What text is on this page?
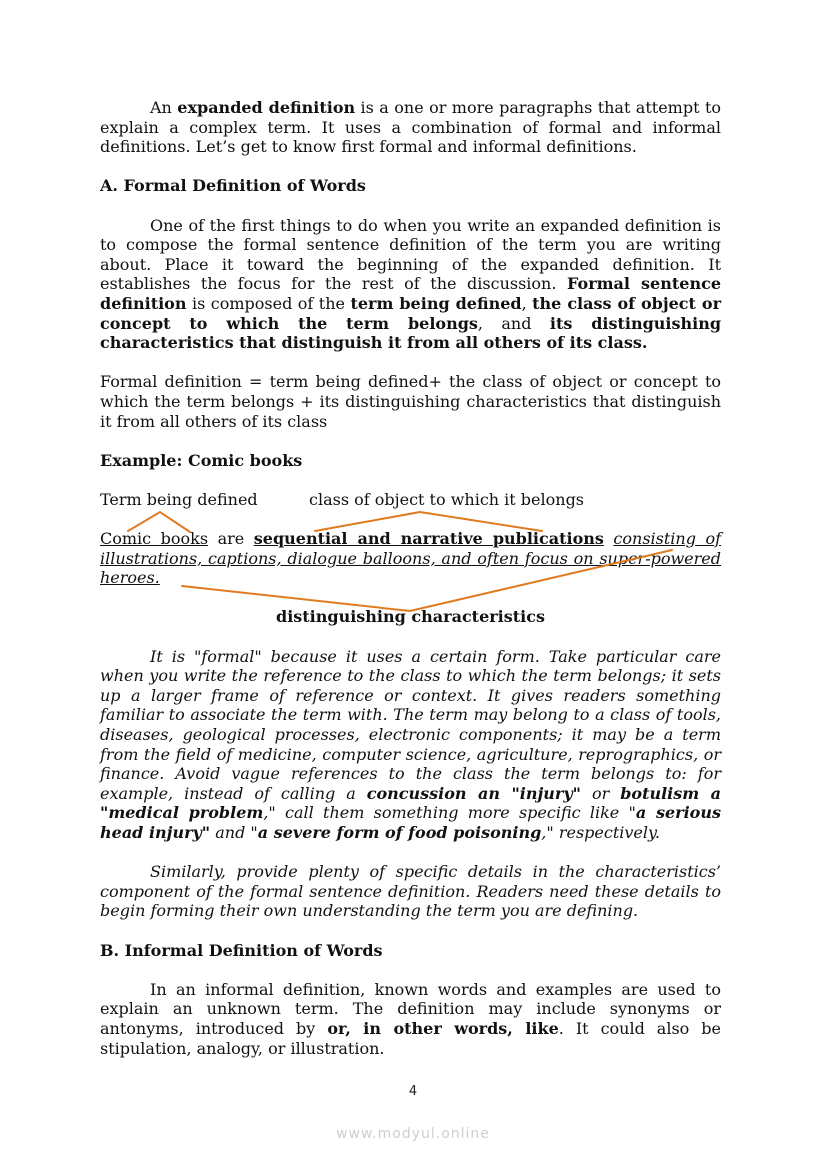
An expanded definition is a one or more paragraphs that attempt to explain a complex term. It uses a combination of formal and informal definitions. Let’s get to know first formal and informal definitions.

A. Formal Definition of Words

One of the first things to do when you write an expanded definition is to compose the formal sentence definition of the term you are writing about. Place it toward the beginning of the expanded definition. It establishes the focus for the rest of the discussion. Formal sentence definition is composed of the term being defined, the class of object or concept to which the term belongs, and its distinguishing characteristics that distinguish it from all others of its class.

Formal definition = term being defined+ the class of object or concept to which the term belongs + its distinguishing characteristics that distinguish it from all others of its class

Example: Comic books

Term being defined	class of object to which it belongs

Comic books are sequential and narrative publications consisting of illustrations, captions, dialogue balloons, and often focus on super-powered heroes.

distinguishing characteristics

It is "formal" because it uses a certain form. Take particular care when you write the reference to the class to which the term belongs; it sets up a larger frame of reference or context. It gives readers something familiar to associate the term with. The term may belong to a class of tools, diseases, geological processes, electronic components; it may be a term from the field of medicine, computer science, agriculture, reprographics, or finance. Avoid vague references to the class the term belongs to: for example, instead of calling a concussion an "injury" or botulism a "medical problem," call them something more specific like "a serious head injury" and "a severe form of food poisoning," respectively.

Similarly, provide plenty of specific details in the characteristics’ component of the formal sentence definition. Readers need these details to begin forming their own understanding the term you are defining.

B. Informal Definition of Words

In an informal definition, known words and examples are used to explain an unknown term. The definition may include synonyms or antonyms, introduced by or, in other words, like. It could also be stipulation, analogy, or illustration.

4
www.modyul.online
